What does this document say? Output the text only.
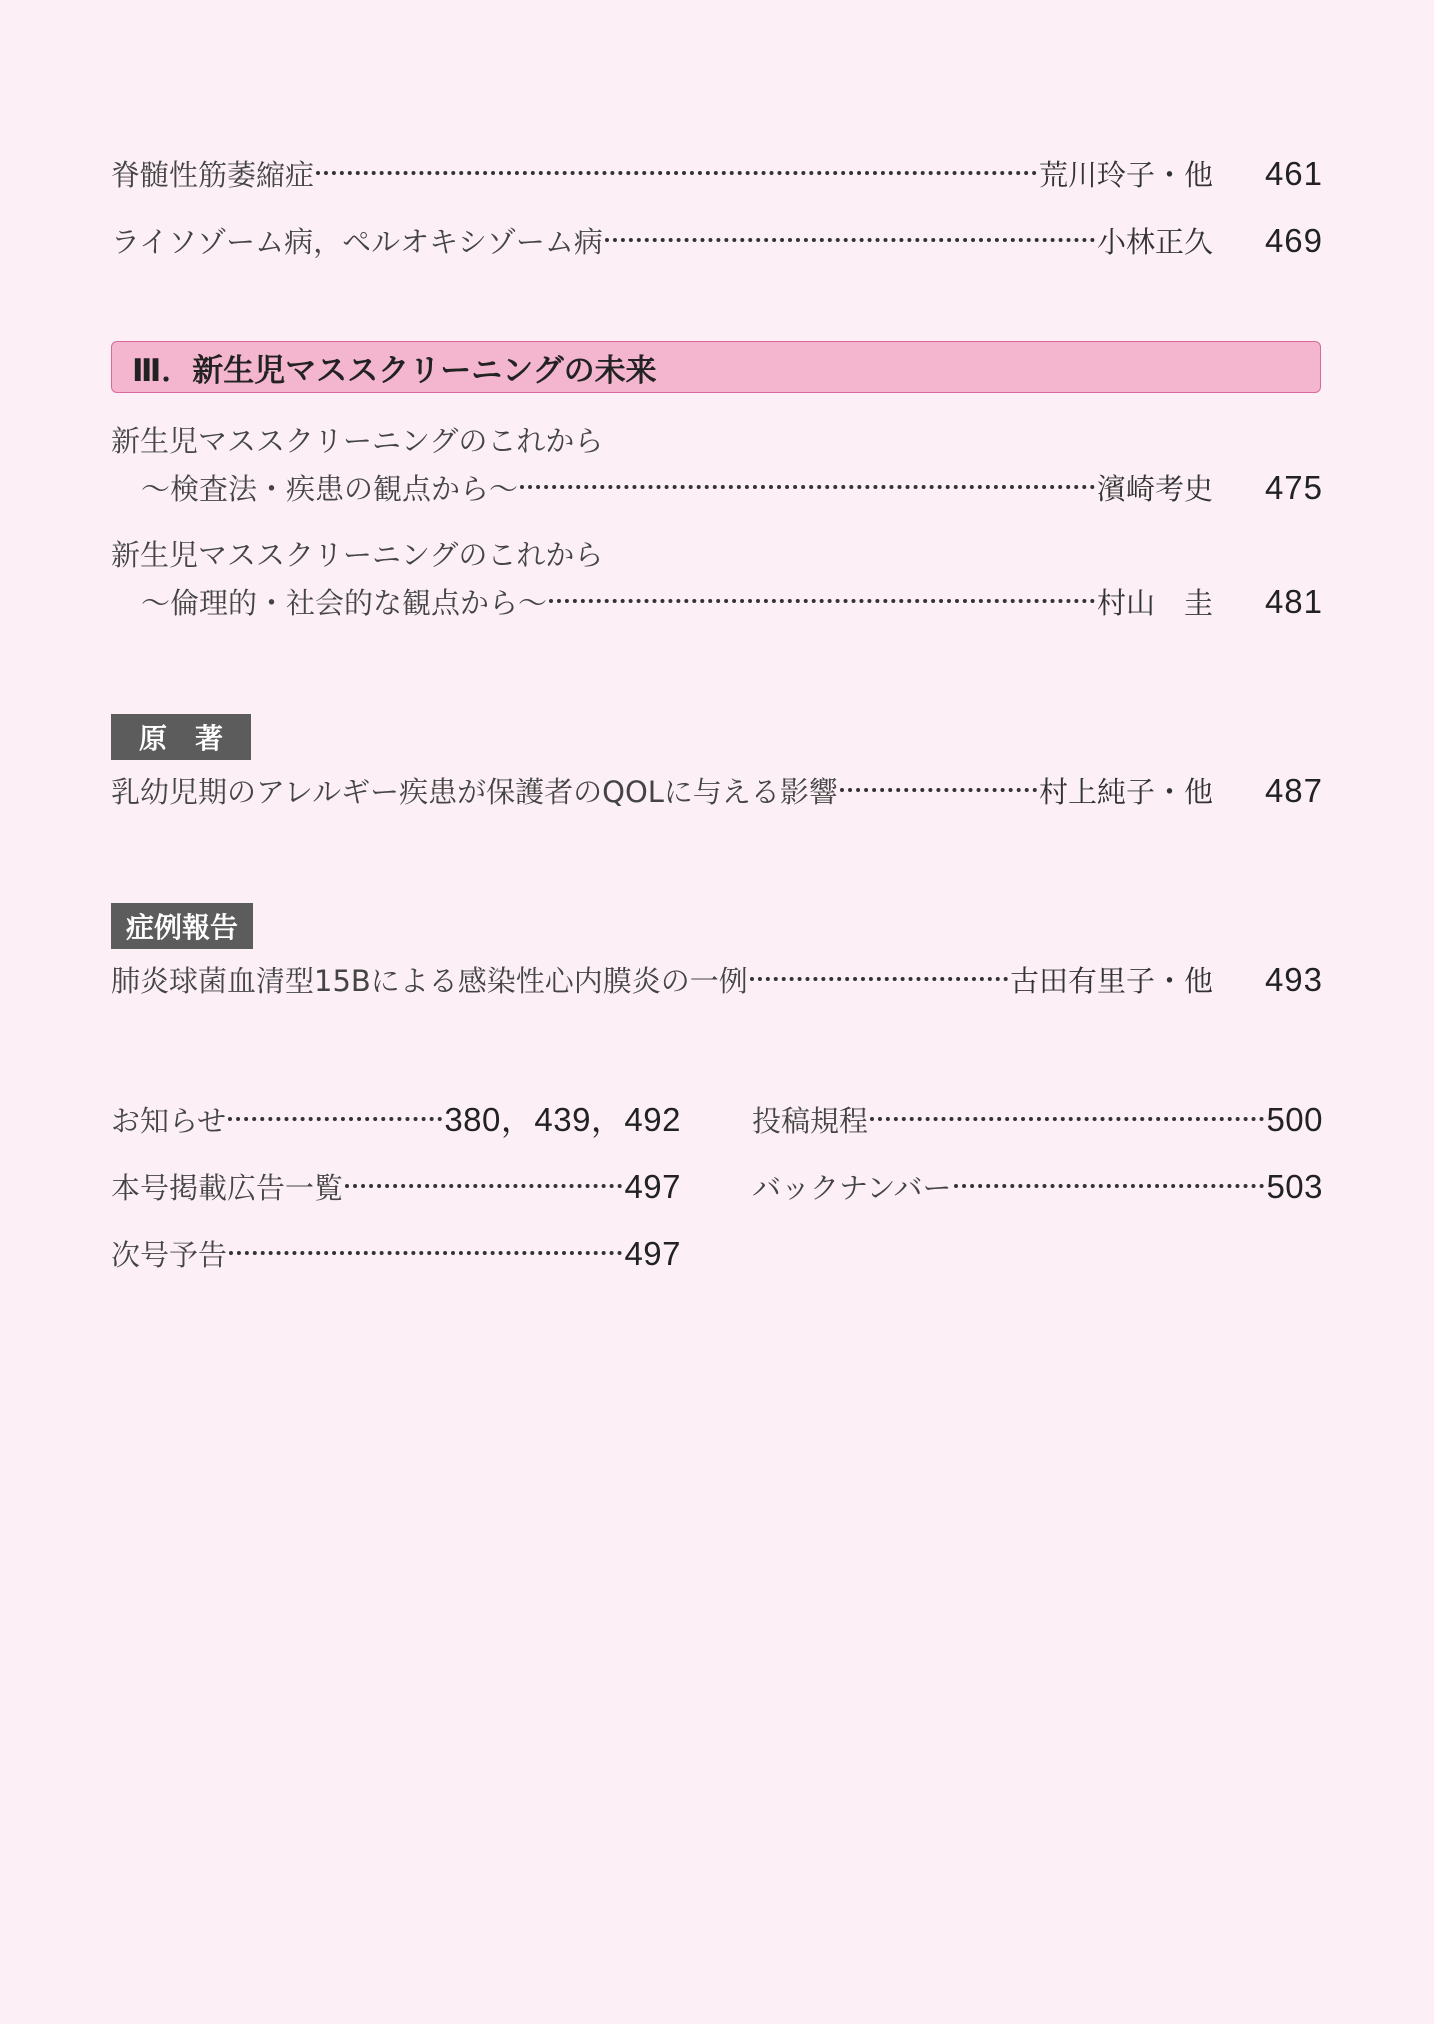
脊髄性筋萎縮症	荒川玲子・他	461
ライソゾーム病，ペルオキシゾーム病	小林正久	469
Ⅲ．新生児マススクリーニングの未来
新生児マススクリーニングのこれから
～検査法・疾患の観点から～	濱崎考史	475
新生児マススクリーニングのこれから
～倫理的・社会的な観点から～	村山　圭	481
原　著
乳幼児期のアレルギー疾患が保護者のQOLに与える影響	村上純子・他	487
症例報告
肺炎球菌血清型15Bによる感染性心内膜炎の一例	古田有里子・他	493
お知らせ	380，439，492
本号掲載広告一覧	497
次号予告	497
投稿規程	500
バックナンバー	503
